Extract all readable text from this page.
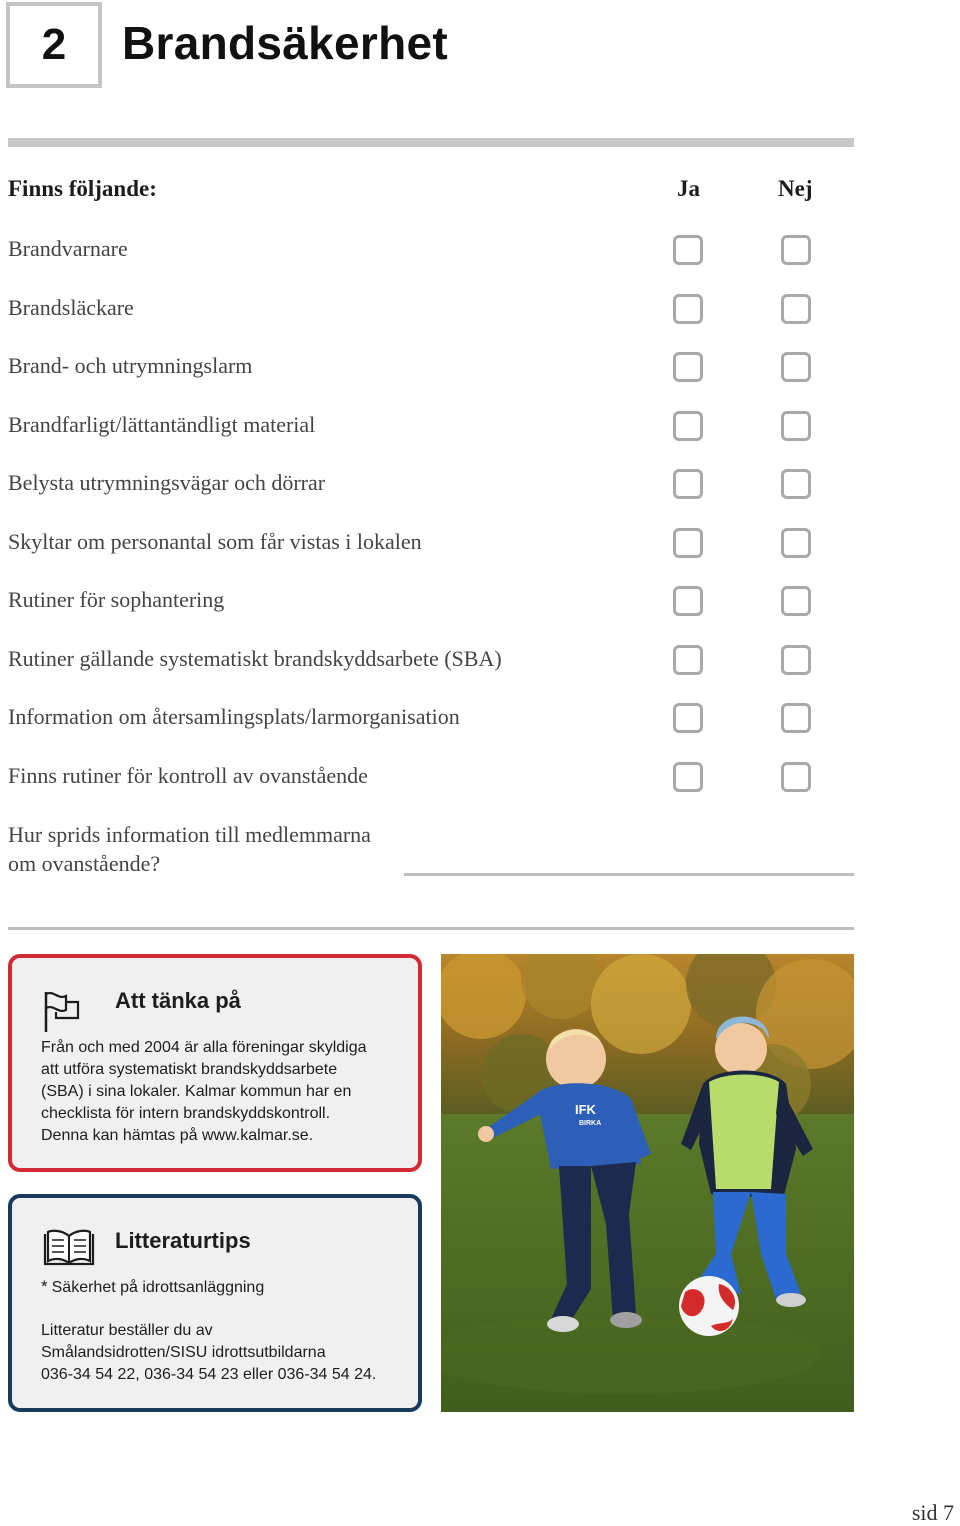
2 Brandsäkerhet
Finns följande:	Ja	Nej
Brandvarnare
Brandsläckare
Brand- och utrymningslarm
Brandfarligt/lättantändligt material
Belysta utrymningsvägar och dörrar
Skyltar om personantal som får vistas i lokalen
Rutiner för sophantering
Rutiner gällande systematiskt brandskyddsarbete (SBA)
Information om återsamlingsplats/larmorganisation
Finns rutiner för kontroll av ovanstående
Hur sprids information till medlemmarna
om ovanstående?
Att tänka på
Från och med 2004 är alla föreningar skyldiga
att utföra systematiskt brandskyddsarbete
(SBA) i sina lokaler. Kalmar kommun har en
checklista för intern brandskyddskontroll.
Denna kan hämtas på www.kalmar.se.
Litteraturtips
* Säkerhet på idrottsanläggning
Litteratur beställer du av
Smålandsidrotten/SISU idrottsutbildarna
036-34 54 22, 036-34 54 23 eller 036-34 54 24.
IFK
BIRKA
sid 7
